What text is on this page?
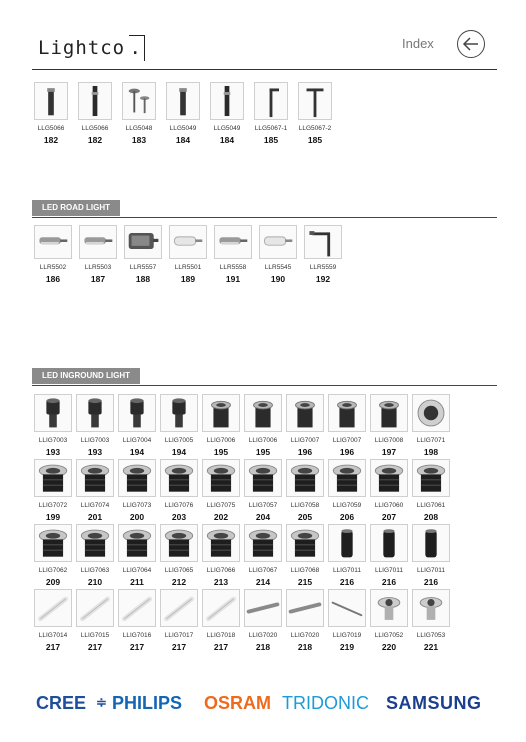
Lightco .	Index
LLG5066
182
LLG5066
182
LLG5048
183
LLG5049
184
LLG5049
184
LLG5067-1
185
LLG5067-2
185
LED ROAD LIGHT
LLR5502
186
LLR5503
187
LLR5557
188
LLR5501
189
LLR5558
191
LLR5545
190
LLR5559
192
LED INGROUND LIGHT
LLIG7003
193
LLIG7003
193
LLIG7004
194
LLIG7005
194
LLIG7006
195
LLIG7006
195
LLIG7007
196
LLIG7007
196
LLIG7008
197
LLIG7071
198
LLIG7072
199
LLIG7074
201
LLIG7073
200
LLIG7076
203
LLIG7075
202
LLIG7057
204
LLIG7058
205
LLIG7059
206
LLIG7060
207
LLIG7061
208
LLIG7062
209
LLIG7063
210
LLIG7064
211
LLIG7065
212
LLIG7066
213
LLIG7067
214
LLIG7068
215
LLIG7011
216
LLIG7011
216
LLIG7011
216
LLIG7014
217
LLIG7015
217
LLIG7016
217
LLIG7017
217
LLIG7018
217
LLIG7020
218
LLIG7020
218
LLIG7019
219
LLIG7052
220
LLIG7053
221
CREE ≑ PHILIPS OSRAM TRIDONIC SAMSUNG
